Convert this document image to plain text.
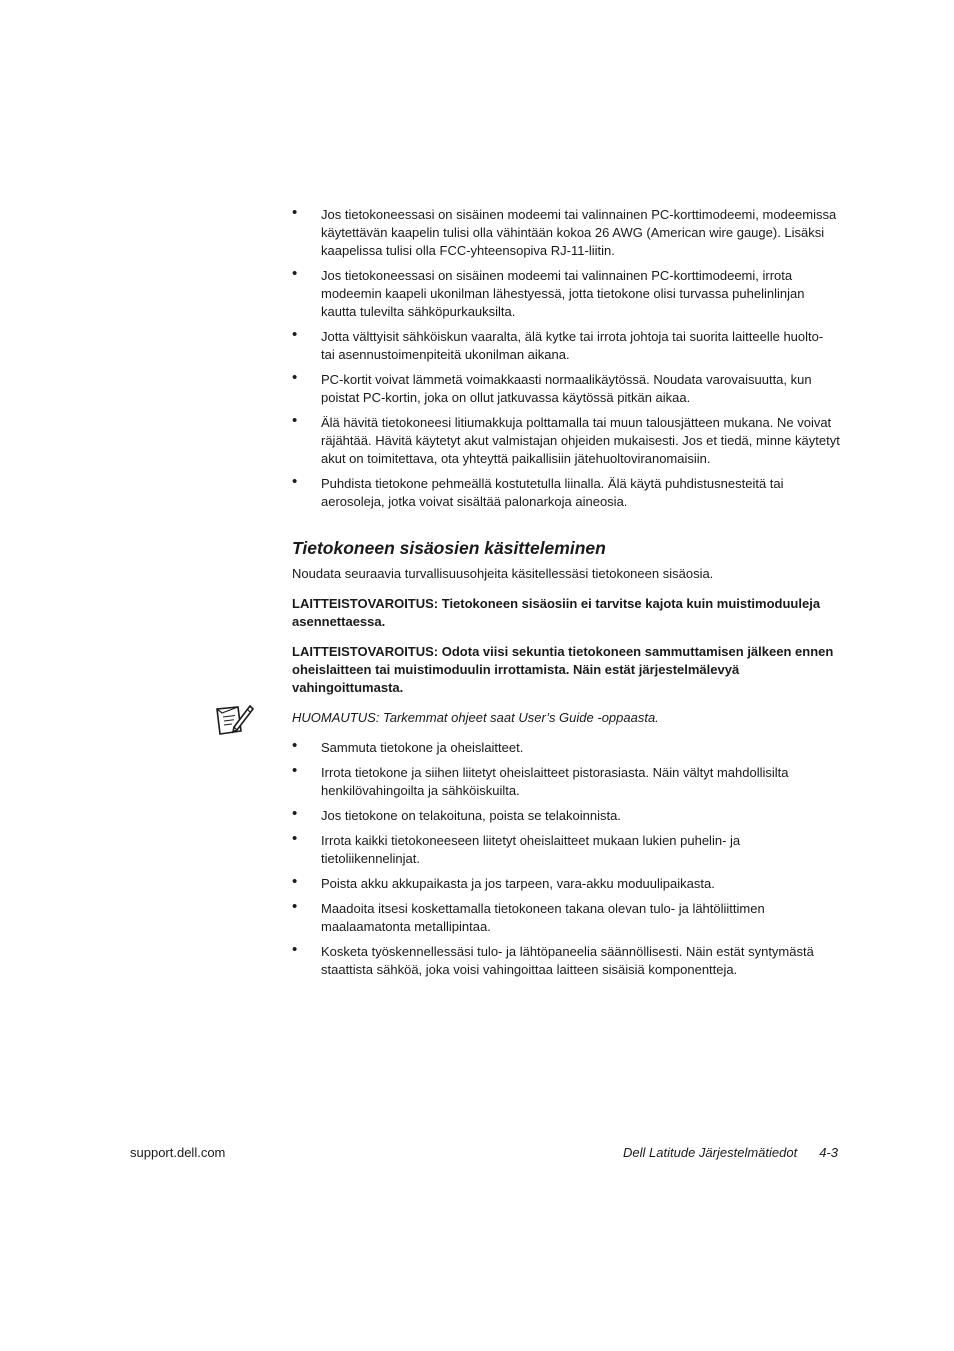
• Jos tietokoneessasi on sisäinen modeemi tai valinnainen PC-korttimodeemi, modeemissa käytettävän kaapelin tulisi olla vähintään kokoa 26 AWG (American wire gauge). Lisäksi kaapelissa tulisi olla FCC-yhteensopiva RJ-11-liitin.
• Jos tietokoneessasi on sisäinen modeemi tai valinnainen PC-korttimodeemi, irrota modeemin kaapeli ukonilman lähestyessä, jotta tietokone olisi turvassa puhelinlinjan kautta tulevilta sähköpurkauksilta.
• Jotta välttyisit sähköiskun vaaralta, älä kytke tai irrota johtoja tai suorita laitteelle huolto- tai asennustoimenpiteitä ukonilman aikana.
• PC-kortit voivat lämmetä voimakkaasti normaalikäytössä. Noudata varovaisuutta, kun poistat PC-kortin, joka on ollut jatkuvassa käytössä pitkän aikaa.
• Älä hävitä tietokoneesi litiumakkuja polttamalla tai muun talousjätteen mukana. Ne voivat räjähtää. Hävitä käytetyt akut valmistajan ohjeiden mukaisesti. Jos et tiedä, minne käytetyt akut on toimitettava, ota yhteyttä paikallisiin jätehuoltoviranomaisiin.
• Puhdista tietokone pehmeällä kostutetulla liinalla. Älä käytä puhdistusnesteitä tai aerosoleja, jotka voivat sisältää palonarkoja aineosia.
Tietokoneen sisäosien käsitteleminen

Noudata seuraavia turvallisuusohjeita käsitellessäsi tietokoneen sisäosia.

LAITTEISTOVAROITUS: Tietokoneen sisäosiin ei tarvitse kajota kuin muistimoduuleja asennettaessa.

LAITTEISTOVAROITUS: Odota viisi sekuntia tietokoneen sammuttamisen jälkeen ennen oheislaitteen tai muistimoduulin irrottamista. Näin estät järjestelmälevyä vahingoittumasta.

HUOMAUTUS: Tarkemmat ohjeet saat User’s Guide -oppaasta.

• Sammuta tietokone ja oheislaitteet.
• Irrota tietokone ja siihen liitetyt oheislaitteet pistorasiasta. Näin vältyt mahdollisilta henkilövahingoilta ja sähköiskuilta.
• Jos tietokone on telakoituna, poista se telakoinnista.
• Irrota kaikki tietokoneeseen liitetyt oheislaitteet mukaan lukien puhelin- ja tietoliikennelinjat.
• Poista akku akkupaikasta ja jos tarpeen, vara-akku moduulipaikasta.
• Maadoita itsesi koskettamalla tietokoneen takana olevan tulo- ja lähtöliittimen maalaamatonta metallipintaa.
• Kosketa työskennellessäsi tulo- ja lähtöpaneelia säännöllisesti. Näin estät syntymästä staattista sähköä, joka voisi vahingoittaa laitteen sisäisiä komponentteja.
support.dell.com	Dell Latitude Järjestelmätiedot 4-3
